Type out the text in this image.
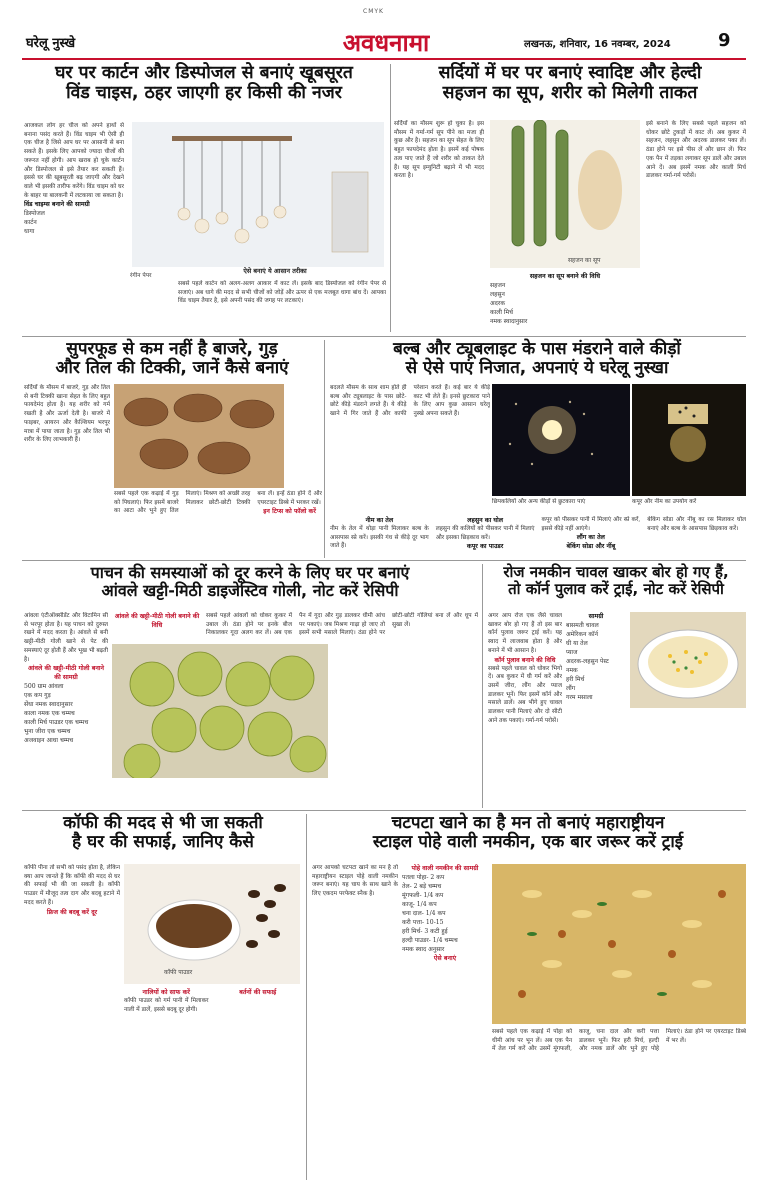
CMYK
घरेलू नुस्खे	अवधनामा	लखनऊ, शनिवार, 16 नवम्बर, 2024	9
घर पर कार्टन और डिस्पोजल से बनाएं खूबसूरत
विंड चाइस, ठहर जाएगी हर किसी की नजर
आजकल लोग हर चीज को अपने हाथों से बनाना पसंद करते हैं। विंड चाइम भी ऐसी ही एक चीज है जिसे आप घर पर आसानी से बना सकते हैं। इसके लिए आपको ज्यादा चीजों की जरूरत नहीं होगी। आप खराब हो चुके कार्टन और डिस्पोजल से इसे तैयार कर सकती हैं। इससे घर की खूबसूरती बढ़ जाएगी और देखने वाले भी इसकी तारीफ करेंगे। विंड चाइम को घर के बाहर या बालकनी में लटकाया जा सकता है।
विंड चाइम्स बनाने की सामग्री
डिस्पोजल
कार्टन
धागा
रंगीन पेपर
ऐसे बनाएं ये आसान तरीका
सबसे पहले कार्टन को अलग-अलग आकार में काट लें। इसके बाद डिस्पोजल को रंगीन पेपर से सजाएं। अब धागे की मदद से सभी चीजों को जोड़ें और ऊपर से एक मजबूत धागा बांध दें। आपका विंड चाइम तैयार है, इसे अपनी पसंद की जगह पर लटकाएं।
सर्दियों में घर पर बनाएं स्वादिष्ट और हेल्दी
सहजन का सूप, शरीर को मिलेगी ताकत
सर्दियों का मौसम शुरू हो चुका है। इस मौसम में गर्मा-गर्म सूप पीने का मजा ही कुछ और है। सहजन का सूप सेहत के लिए बहुत फायदेमंद होता है। इसमें कई पोषक तत्व पाए जाते हैं जो शरीर को ताकत देते हैं। यह सूप इम्युनिटी बढ़ाने में भी मदद करता है।
सहजन का सूप
सहजन का सूप बनाने की विधि
सहजन
लहसुन
अदरक
काली मिर्च
नमक स्वादानुसार
इसे बनाने के लिए सबसे पहले सहजन को धोकर छोटे टुकड़ों में काट लें। अब कुकर में सहजन, लहसुन और अदरक डालकर पका लें। ठंडा होने पर इसे पीस लें और छान लें। फिर एक पैन में तड़का लगाकर सूप डालें और उबाल आने दें। अब इसमें नमक और काली मिर्च डालकर गर्मा-गर्म परोसें।
सुपरफूड से कम नहीं है बाजरे, गुड़
और तिल की टिक्की, जानें कैसे बनाएं
सर्दियों के मौसम में बाजरे, गुड़ और तिल से बनी टिक्की खाना सेहत के लिए बहुत फायदेमंद होता है। यह शरीर को गर्म रखती है और ऊर्जा देती है। बाजरे में फाइबर, आयरन और कैल्शियम भरपूर मात्रा में पाया जाता है। गुड़ और तिल भी शरीर के लिए लाभकारी हैं।
सबसे पहले एक कढ़ाई में गुड़ को पिघलाएं। फिर इसमें बाजरे का आटा और भुने हुए तिल मिलाएं। मिश्रण को अच्छी तरह मिलाकर छोटी-छोटी टिक्की बना लें। इन्हें ठंडा होने दें और एयरटाइट डिब्बे में भरकर रखें।
इन टिप्स को फॉलो करें
बल्ब और ट्यूबलाइट के पास मंडराने वाले कीड़ों
से ऐसे पाएं निजात, अपनाएं ये घरेलू नुस्खा
बदलते मौसम के साथ शाम होते ही बल्ब और ट्यूबलाइट के पास छोटे-छोटे कीड़े मंडराने लगते हैं। ये कीड़े खाने में गिर जाते हैं और काफी परेशान करते हैं। कई बार ये कीड़े काट भी लेते हैं। इनसे छुटकारा पाने के लिए आप कुछ आसान घरेलू नुस्खे अपना सकते हैं।
छिपकलियों और अन्य कीड़ों से छुटकारा पाएं	कपूर और नीम का उपयोग करें
नीम का तेल
नीम के तेल में थोड़ा पानी मिलाकर बल्ब के आसपास स्प्रे करें। इसकी गंध से कीड़े दूर भाग जाते हैं।
लहसुन का घोल
लहसुन की कलियों को पीसकर पानी में मिलाएं और इसका छिड़काव करें।
कपूर का पाउडर
कपूर को पीसकर पानी में मिलाएं और स्प्रे करें, इससे कीड़े नहीं आएंगे।
लौंग का तेल
बेकिंग सोडा और नींबू
बेकिंग सोडा और नींबू का रस मिलाकर घोल बनाएं और बल्ब के आसपास छिड़काव करें।
पाचन की समस्याओं को दूर करने के लिए घर पर बनाएं
आंवले खट्टी-मिठी डाइजेस्टिव गोली, नोट करें रेसिपी
आंवला एंटीऑक्सीडेंट और विटामिन सी से भरपूर होता है। यह पाचन को दुरुस्त रखने में मदद करता है। आंवले से बनी खट्टी-मीठी गोली खाने से पेट की समस्याएं दूर होती हैं और भूख भी बढ़ती है।
आंवले की खट्टी-मीठी गोली बनाने की सामग्री
500 ग्राम आंवला
एक कप गुड़
सेंधा नमक स्वादानुसार
काला नमक एक चम्मच
काली मिर्च पाउडर एक चम्मच
भुना जीरा एक चम्मच
अजवाइन आधा चम्मच
आंवले की खट्टी-मीठी गोली बनाने की विधि
सबसे पहले आंवलों को धोकर कुकर में उबाल लें। ठंडा होने पर इनके बीज निकालकर गूदा अलग कर लें। अब एक पैन में गूदा और गुड़ डालकर धीमी आंच पर पकाएं। जब मिश्रण गाढ़ा हो जाए तो इसमें सभी मसाले मिलाएं। ठंडा होने पर छोटी-छोटी गोलियां बना लें और धूप में सुखा लें।
रोज नमकीन चावल खाकर बोर हो गए हैं,
तो कॉर्न पुलाव करें ट्राई, नोट करें रेसिपी
अगर आप रोज एक जैसे चावल खाकर बोर हो गए हैं तो इस बार कॉर्न पुलाव जरूर ट्राई करें। यह स्वाद में लाजवाब होता है और बनाने में भी आसान है।
कॉर्न पुलाव बनाने की विधि
सबसे पहले चावल को धोकर भिगो दें। अब कुकर में घी गर्म करें और उसमें जीरा, लौंग और प्याज डालकर भूनें। फिर इसमें कॉर्न और मसाले डालें। अब भीगे हुए चावल डालकर पानी मिलाएं और दो सीटी आने तक पकाएं। गर्मा-गर्म परोसें।
सामग्री
बासमती चावल
अमेरिकन कॉर्न
घी या तेल
प्याज
अदरक-लहसुन पेस्ट
नमक
हरी मिर्च
लौंग
गरम मसाला
कॉफी की मदद से भी जा सकती
है घर की सफाई, जानिए कैसे
कॉफी पीना तो सभी को पसंद होता है, लेकिन क्या आप जानते हैं कि कॉफी की मदद से घर की सफाई भी की जा सकती है। कॉफी पाउडर में मौजूद तत्व दाग और बदबू हटाने में मदद करते हैं।
फ्रिज की बदबू करें दूर
कॉफी पाउडर
नालियों को साफ करें
कॉफी पाउडर को गर्म पानी में मिलाकर नाली में डालें, इससे बदबू दूर होगी।
बर्तनों की सफाई
चटपटा खाने का है मन तो बनाएं महाराष्ट्रीयन
स्टाइल पोहे वाली नमकीन, एक बार जरूर करें ट्राई
अगर आपको चटपटा खाने का मन है तो महाराष्ट्रीयन स्टाइल पोहे वाली नमकीन जरूर बनाएं। यह चाय के साथ खाने के लिए एकदम परफेक्ट स्नैक है।
पोहे वाली नमकीन की सामग्री
पतला पोहा- 2 कप
तेल- 2 बड़े चम्मच
मूंगफली- 1/4 कप
काजू- 1/4 कप
चना दाल- 1/4 कप
करी पत्ता- 10-15
हरी मिर्च- 3 कटी हुई
हल्दी पाउडर- 1/4 चम्मच
नमक स्वाद अनुसार
ऐसे बनाएं
सबसे पहले एक कढ़ाई में पोहा को धीमी आंच पर भून लें। अब एक पैन में तेल गर्म करें और उसमें मूंगफली, काजू, चना दाल और करी पत्ता डालकर भूनें। फिर हरी मिर्च, हल्दी और नमक डालें और भुने हुए पोहे मिलाएं। ठंडा होने पर एयरटाइट डिब्बे में भर लें।
